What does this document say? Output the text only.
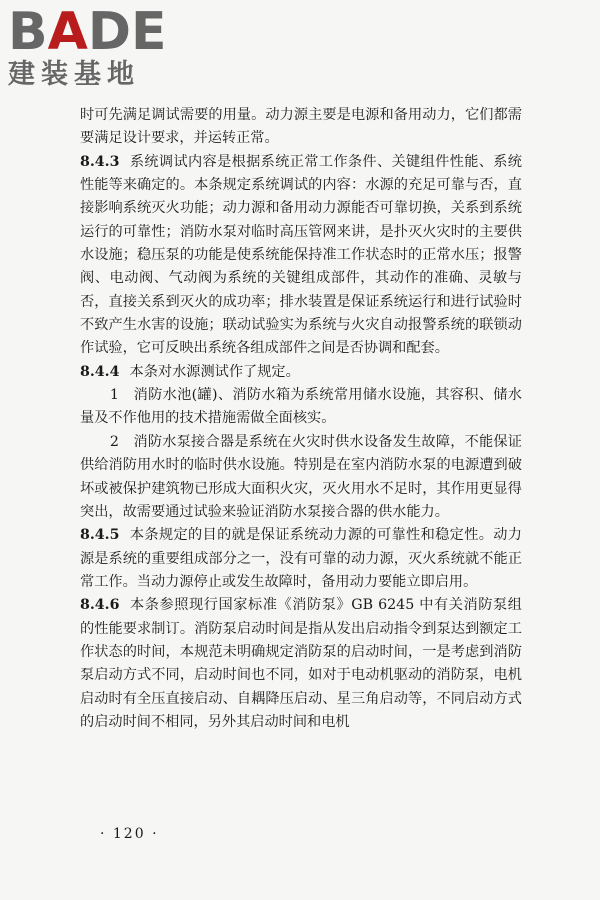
BADE
建装基地

时可先满足调试需要的用量。动力源主要是电源和备用动力，它们都需要满足设计要求，并运转正常。

8.4.3 系统调试内容是根据系统正常工作条件、关键组件性能、系统性能等来确定的。本条规定系统调试的内容：水源的充足可靠与否，直接影响系统灭火功能；动力源和备用动力源能否可靠切换，关系到系统运行的可靠性；消防水泵对临时高压管网来讲，是扑灭火灾时的主要供水设施；稳压泵的功能是使系统能保持准工作状态时的正常水压；报警阀、电动阀、气动阀为系统的关键组成部件，其动作的准确、灵敏与否，直接关系到灭火的成功率；排水装置是保证系统运行和进行试验时不致产生水害的设施；联动试验实为系统与火灾自动报警系统的联锁动作试验，它可反映出系统各组成部件之间是否协调和配套。

8.4.4 本条对水源测试作了规定。

1　消防水池(罐)、消防水箱为系统常用储水设施，其容积、储水量及不作他用的技术措施需做全面核实。

2　消防水泵接合器是系统在火灾时供水设备发生故障，不能保证供给消防用水时的临时供水设施。特别是在室内消防水泵的电源遭到破坏或被保护建筑物已形成大面积火灾，灭火用水不足时，其作用更显得突出，故需要通过试验来验证消防水泵接合器的供水能力。

8.4.5 本条规定的目的就是保证系统动力源的可靠性和稳定性。动力源是系统的重要组成部分之一，没有可靠的动力源，灭火系统就不能正常工作。当动力源停止或发生故障时，备用动力要能立即启用。

8.4.6 本条参照现行国家标准《消防泵》GB 6245 中有关消防泵组的性能要求制订。消防泵启动时间是指从发出启动指令到泵达到额定工作状态的时间，本规范未明确规定消防泵的启动时间，一是考虑到消防泵启动方式不同，启动时间也不同，如对于电动机驱动的消防泵，电机启动时有全压直接启动、自耦降压启动、星三角启动等，不同启动方式的启动时间不相同，另外其启动时间和电机

· 120 ·
